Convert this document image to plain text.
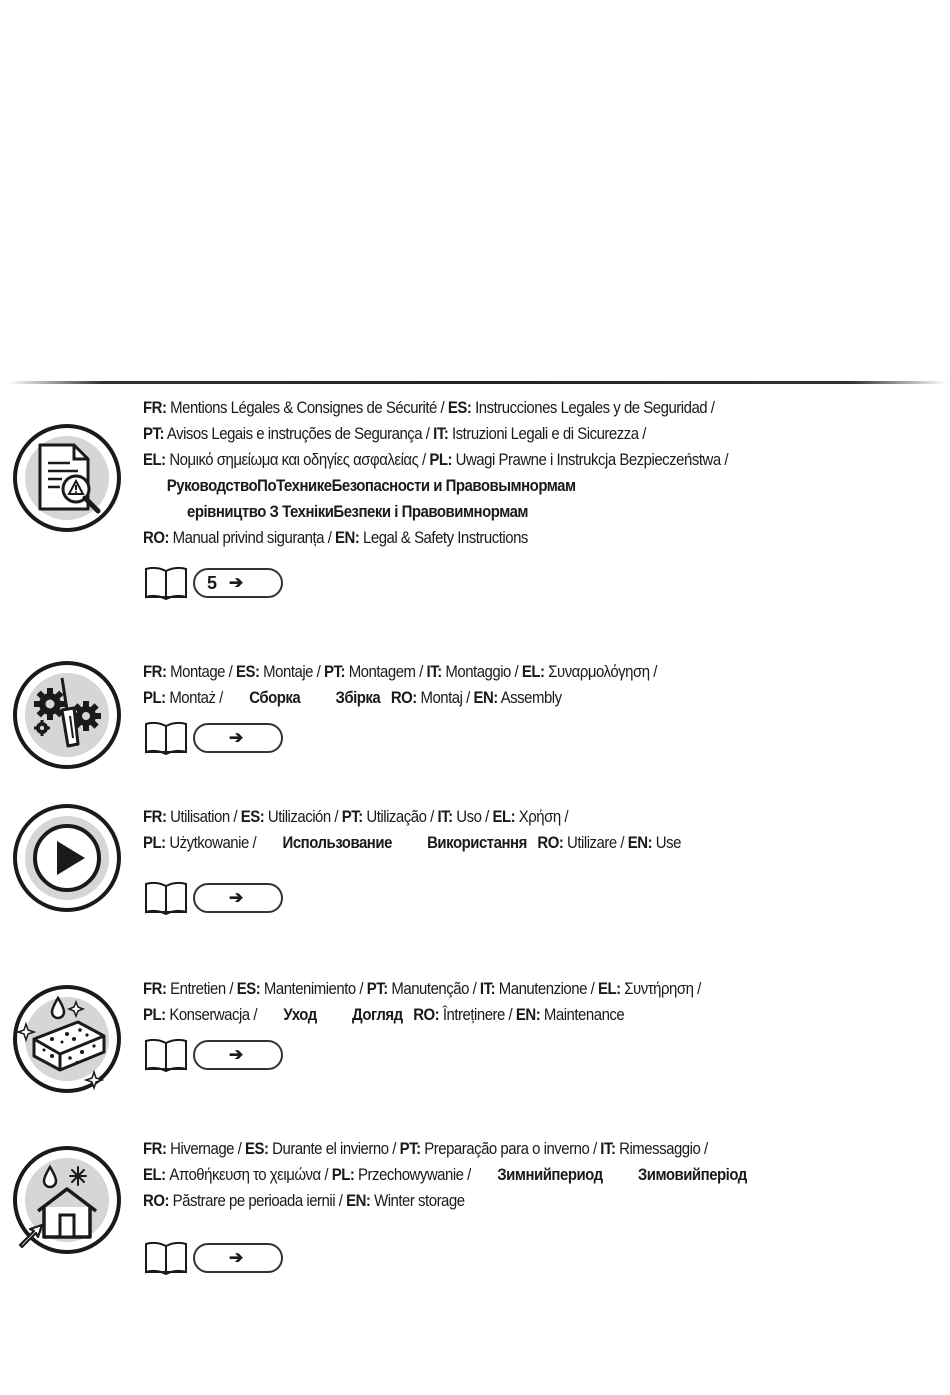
FR: Mentions Légales & Consignes de Sécurité / ES: Instrucciones Legales y de Seguridad /
PT: Avisos Legais e instruções de Segurança / IT: Istruzioni Legali e di Sicurezza /
EL: Νομικό σημείωμα και οδηγίες ασφαλείας / PL: Uwagi Prawne i Instrukcja Bezpieczeństwa /
РуководствоПоТехникеБезопасности и Правовымнормам
ерівництво З ТехнікиБезпеки і Правовимнормам
RO: Manual privind siguranța / EN: Legal & Safety Instructions
5 ➔
FR: Montage / ES: Montaje / PT: Montagem / IT: Montaggio / EL: Συναρμολόγηση /
PL: Montaż / Сборка Збірка RO: Montaj / EN: Assembly
➔
FR: Utilisation / ES: Utilización / PT: Utilização / IT: Uso / EL: Χρήση /
PL: Użytkowanie / Использование Використання RO: Utilizare / EN: Use
➔
FR: Entretien / ES: Mantenimiento / PT: Manutenção / IT: Manutenzione / EL: Συντήρηση /
PL: Konserwacja / Уход Догляд RO: Întreținere / EN: Maintenance
➔
FR: Hivernage / ES: Durante el invierno / PT: Preparação para o inverno / IT: Rimessaggio /
EL: Αποθήκευση το χειμώνα / PL: Przechowywanie / Зимнийпериод Зимовийперіод
RO: Păstrare pe perioada iernii / EN: Winter storage
➔
